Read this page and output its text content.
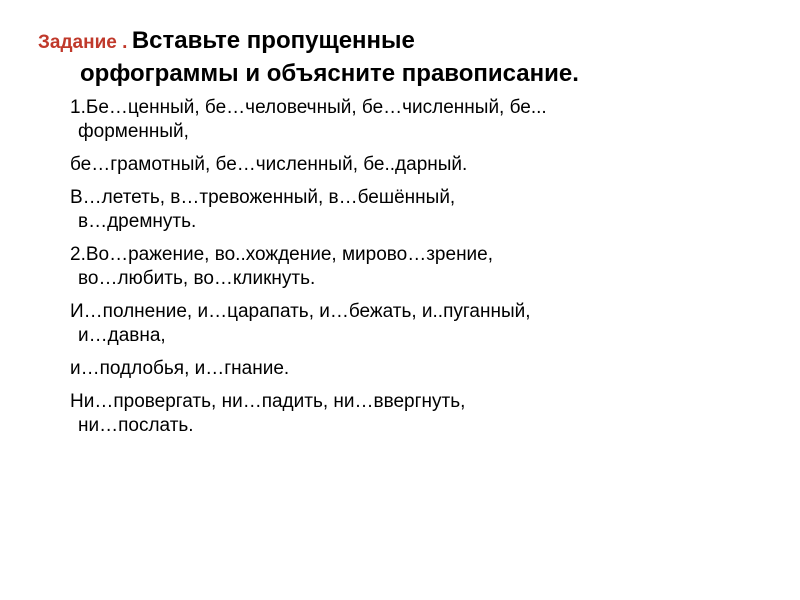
Задание . Вставьте пропущенные
орфограммы и объясните правописание.

1.Бе…ценный, бе…человечный, бе…численный, бе...
форменный,

бе…грамотный, бе…численный, бе..дарный.

В…лететь, в…тревоженный, в…бешённый,
в…дремнуть.

2.Во…ражение, во..хождение, мирово…зрение,
во…любить, во…кликнуть.

И…полнение, и…царапать, и…бежать, и..пуганный,
и…давна,

и…подлобья, и…гнание.

Ни…провергать, ни…падить, ни…ввергнуть,
ни…послать.
